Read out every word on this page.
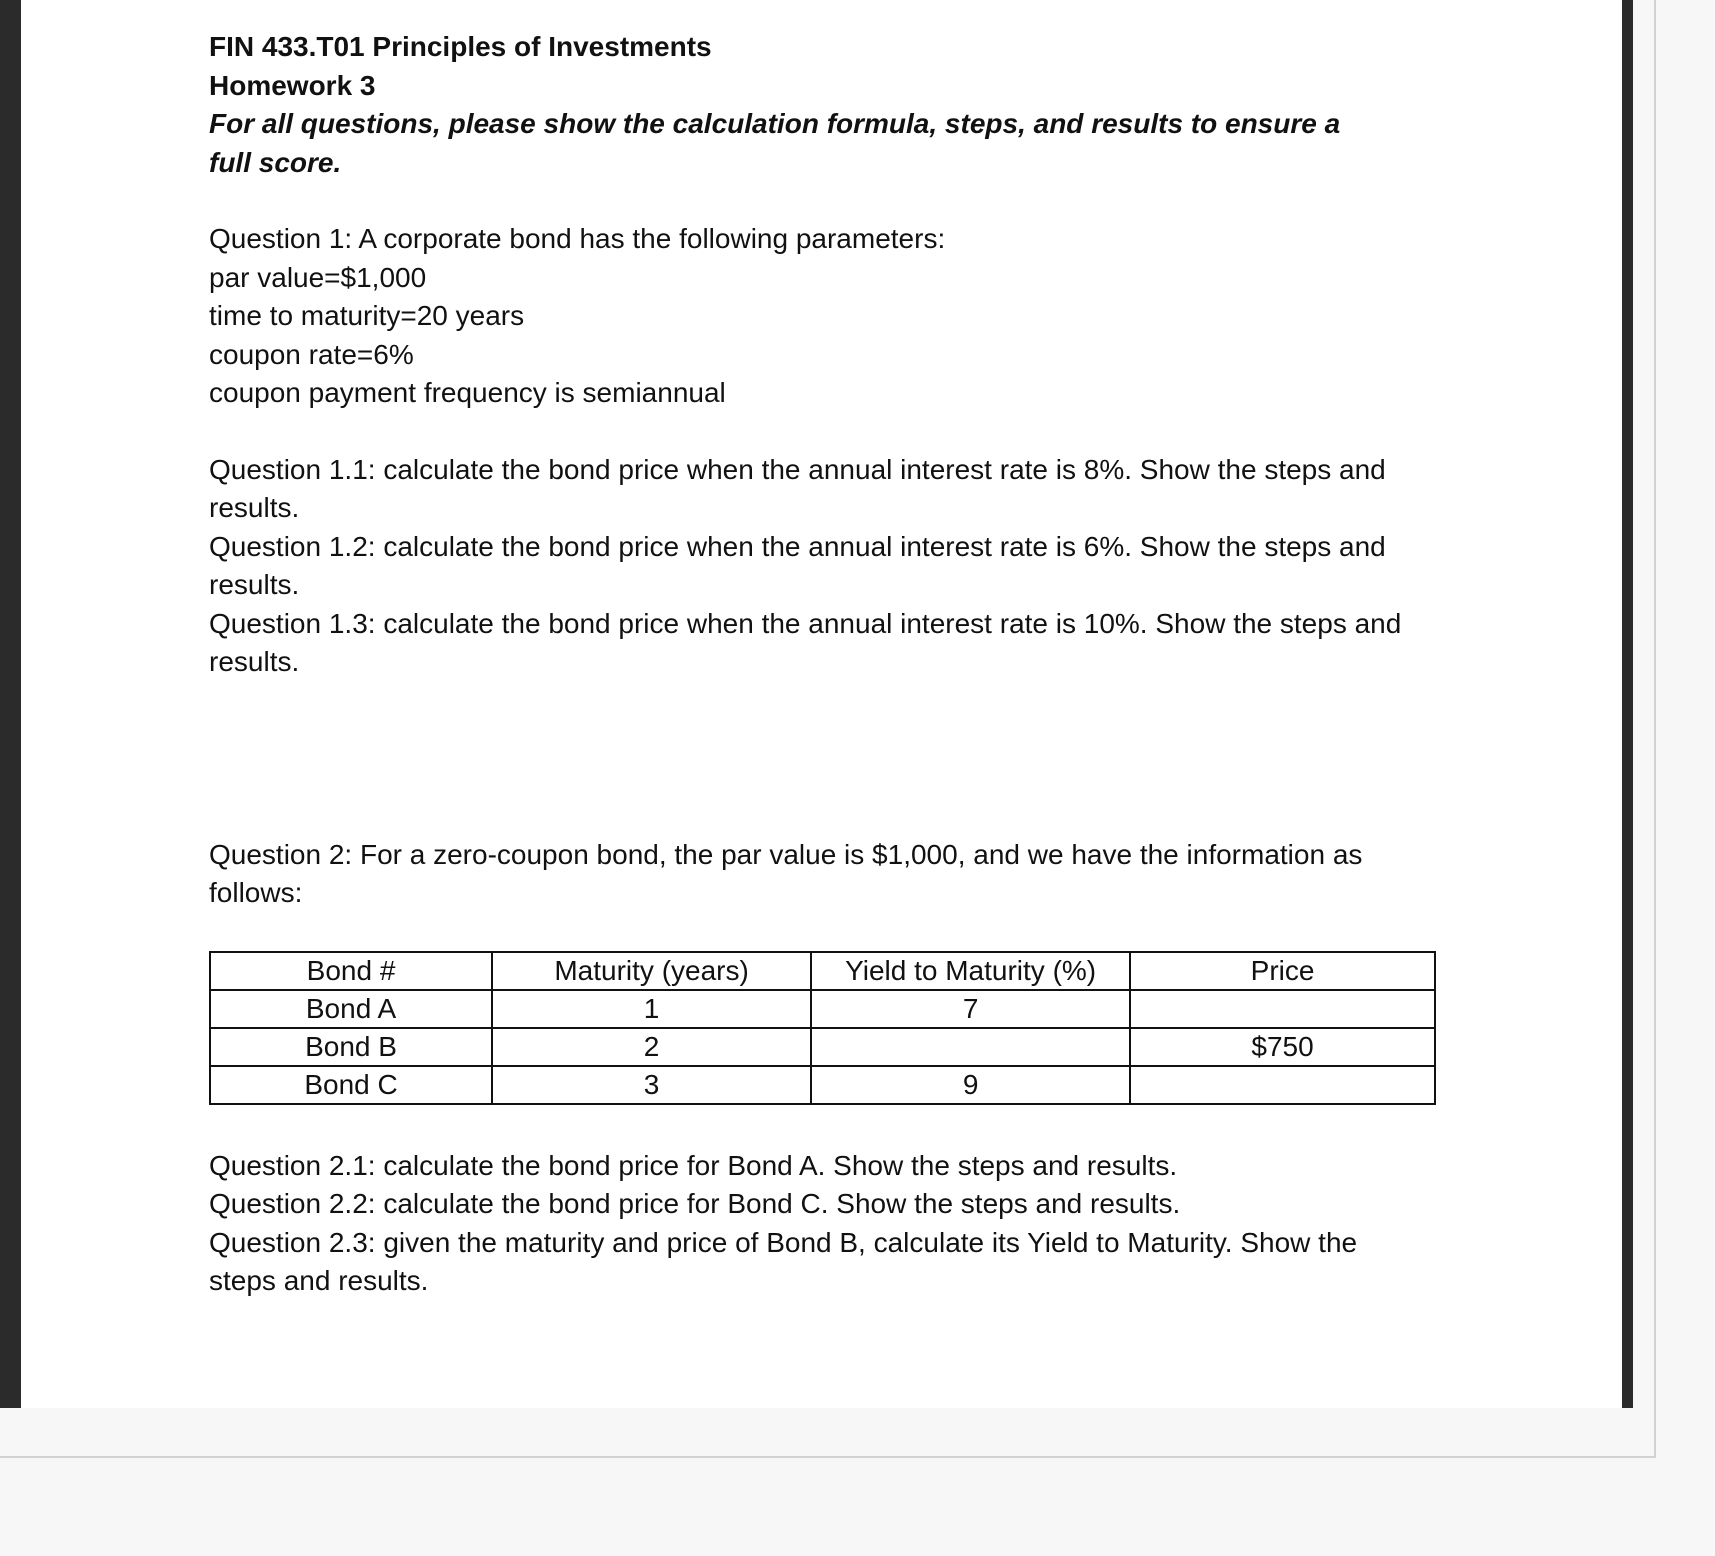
FIN 433.T01 Principles of Investments

Homework 3

For all questions, please show the calculation formula, steps, and results to ensure a full score.

Question 1: A corporate bond has the following parameters:

par value=$1,000

time to maturity=20 years

coupon rate=6%

coupon payment frequency is semiannual

Question 1.1: calculate the bond price when the annual interest rate is 8%. Show the steps and results.

Question 1.2: calculate the bond price when the annual interest rate is 6%. Show the steps and results.

Question 1.3: calculate the bond price when the annual interest rate is 10%. Show the steps and results.

Question 2: For a zero-coupon bond, the par value is $1,000, and we have the information as follows:

Bond #	Maturity (years)	Yield to Maturity (%)	Price
Bond A	1	7	
Bond B	2		$750
Bond C	3	9	

Question 2.1: calculate the bond price for Bond A. Show the steps and results.

Question 2.2: calculate the bond price for Bond C. Show the steps and results.

Question 2.3: given the maturity and price of Bond B, calculate its Yield to Maturity. Show the steps and results.
